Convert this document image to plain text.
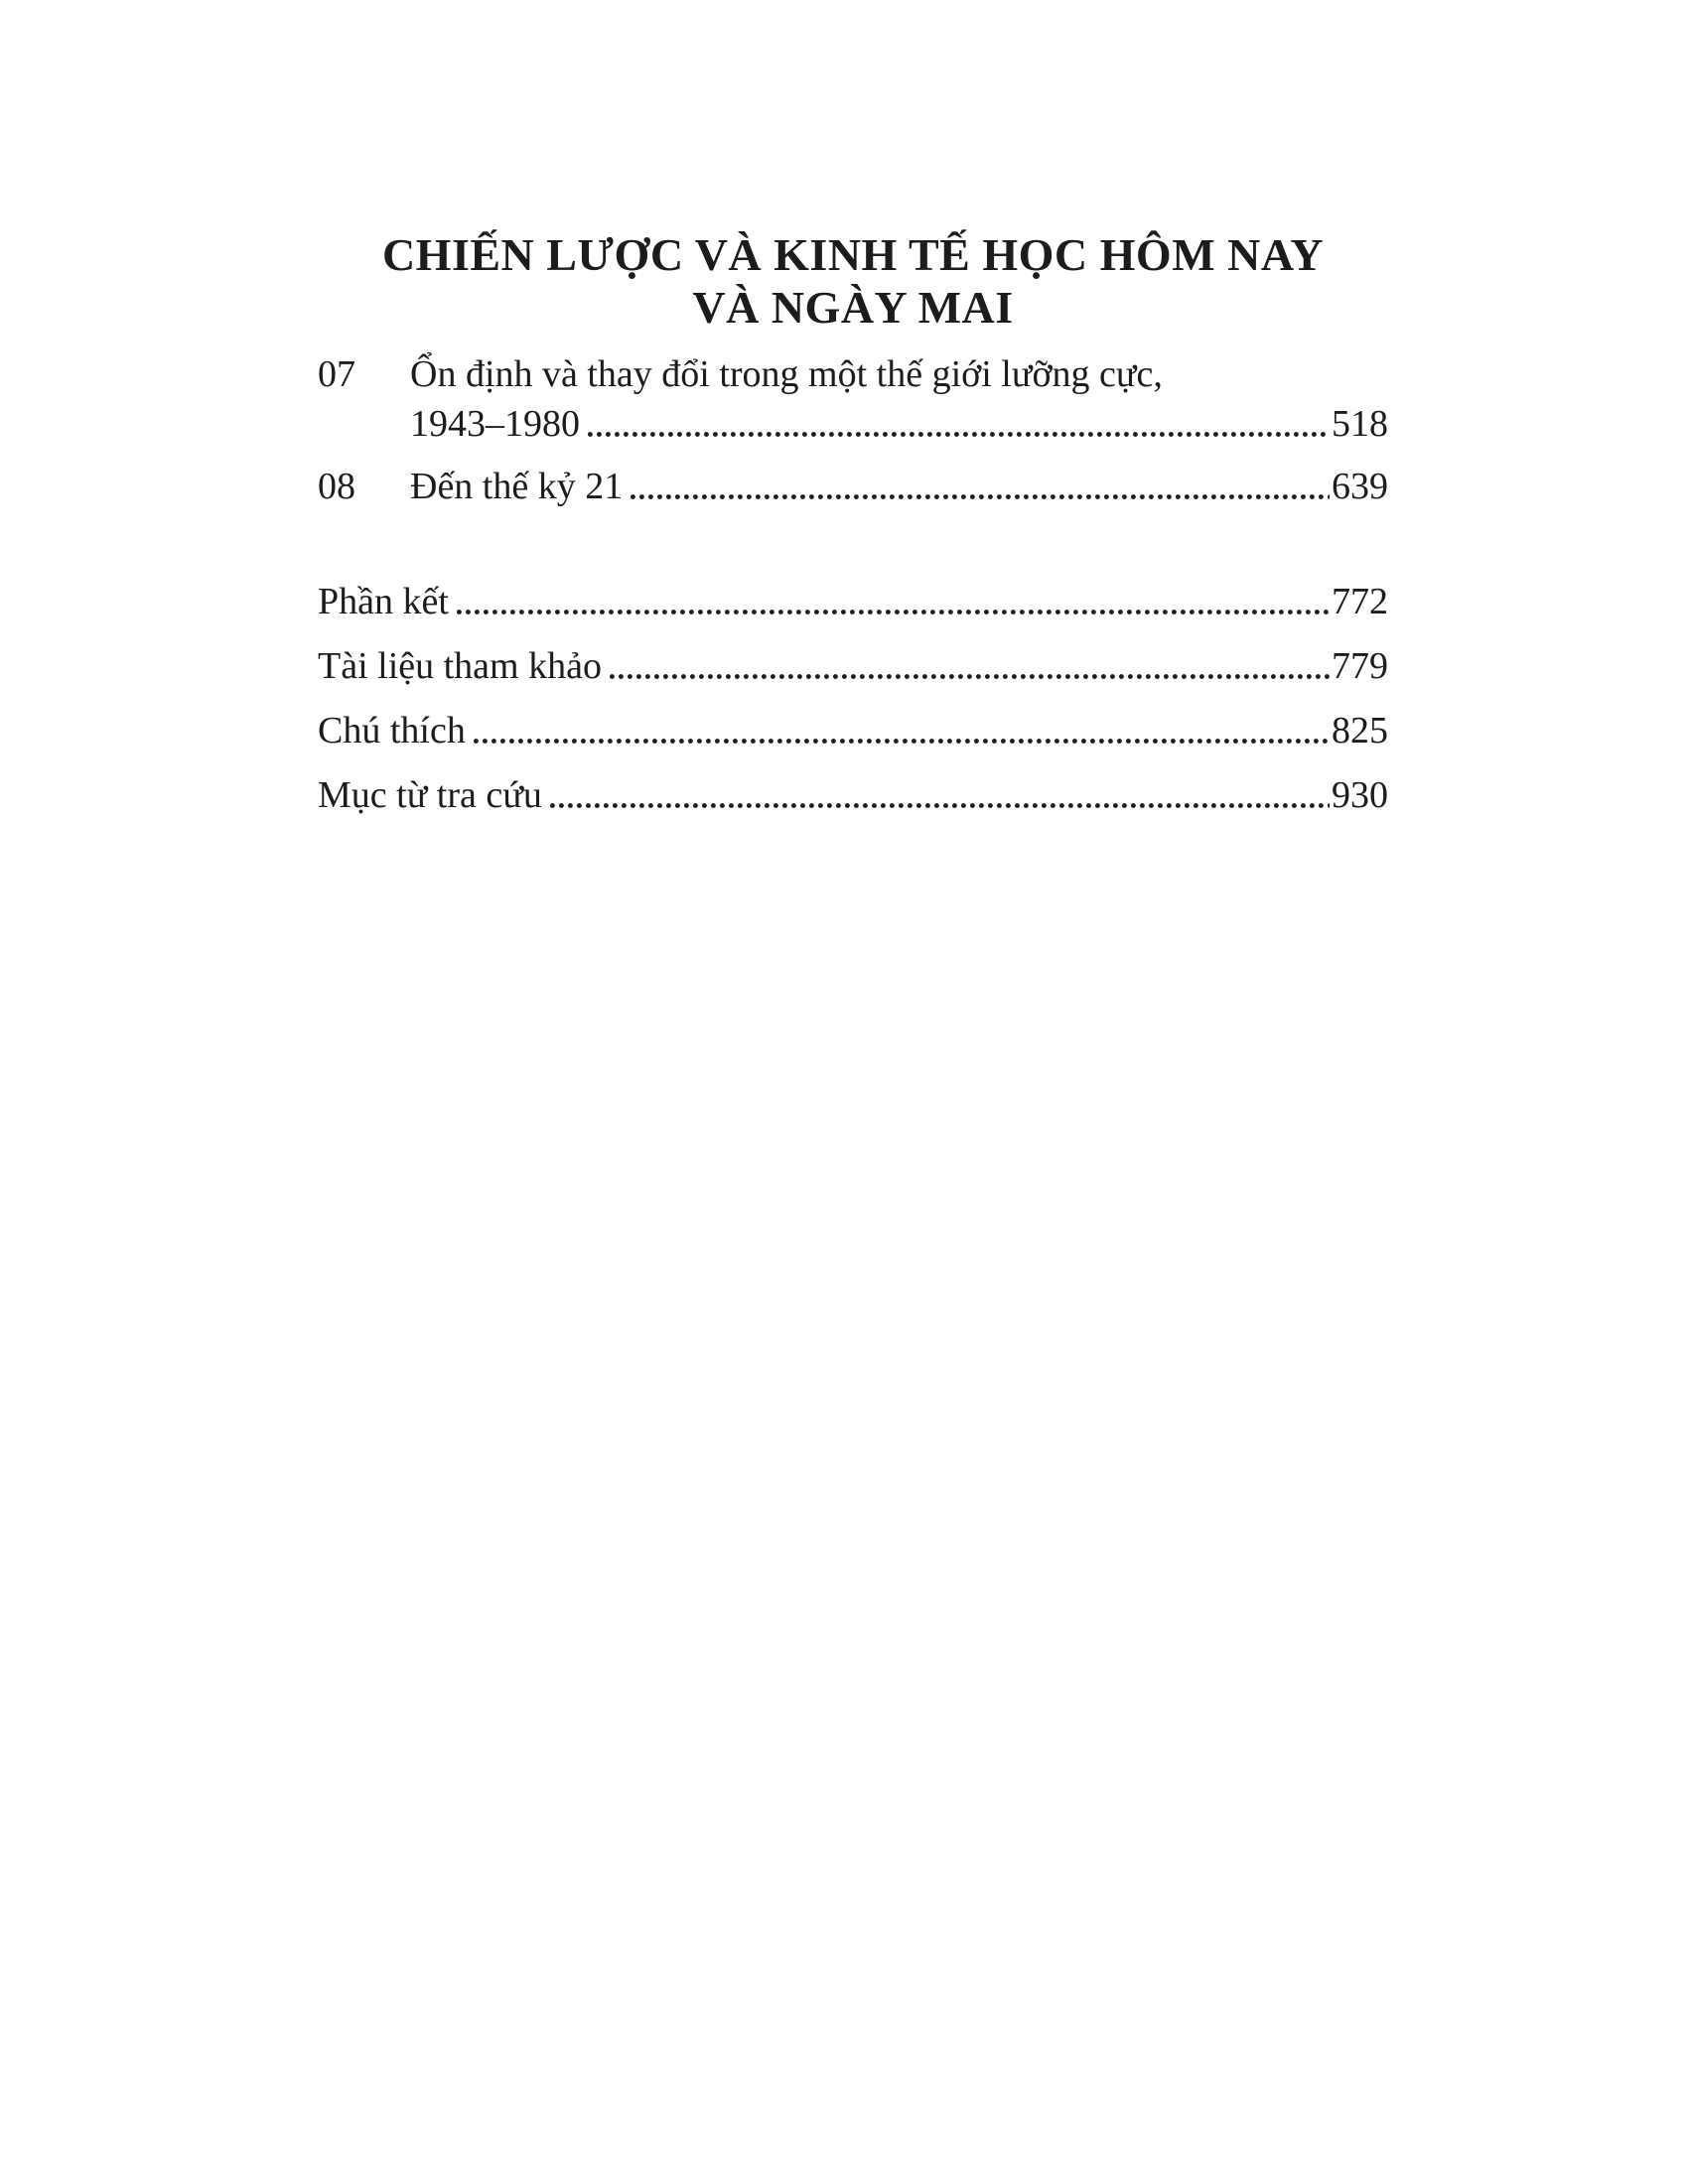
CHIẾN LƯỢC VÀ KINH TẾ HỌC HÔM NAY
VÀ NGÀY MAI
07	Ổn định và thay đổi trong một thế giới lưỡng cực,
1943–1980	518
08	Đến thế kỷ 21	639
Phần kết	772
Tài liệu tham khảo	779
Chú thích	825
Mục từ tra cứu	930
